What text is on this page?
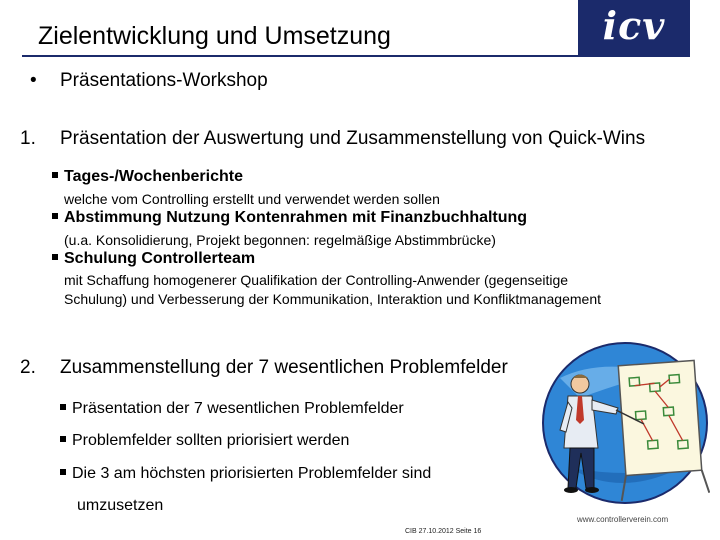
Zielentwicklung und Umsetzung	icv
• Präsentations-Workshop
1. Präsentation der Auswertung und Zusammenstellung von Quick-Wins
Tages-/Wochenberichte
welche vom Controlling erstellt und verwendet werden sollen
Abstimmung Nutzung Kontenrahmen mit Finanzbuchhaltung
(u.a. Konsolidierung, Projekt begonnen: regelmäßige Abstimmbrücke)
Schulung Controllerteam
mit Schaffung homogenerer Qualifikation der Controlling-Anwender (gegenseitige
Schulung) und Verbesserung der Kommunikation, Interaktion und Konfliktmanagement
2. Zusammenstellung der 7 wesentlichen Problemfelder
Präsentation der 7 wesentlichen Problemfelder
Problemfelder sollten priorisiert werden
Die 3 am höchsten priorisierten Problemfelder sind
umzusetzen
www.controllerverein.com
CIB 27.10.2012 Seite 16
